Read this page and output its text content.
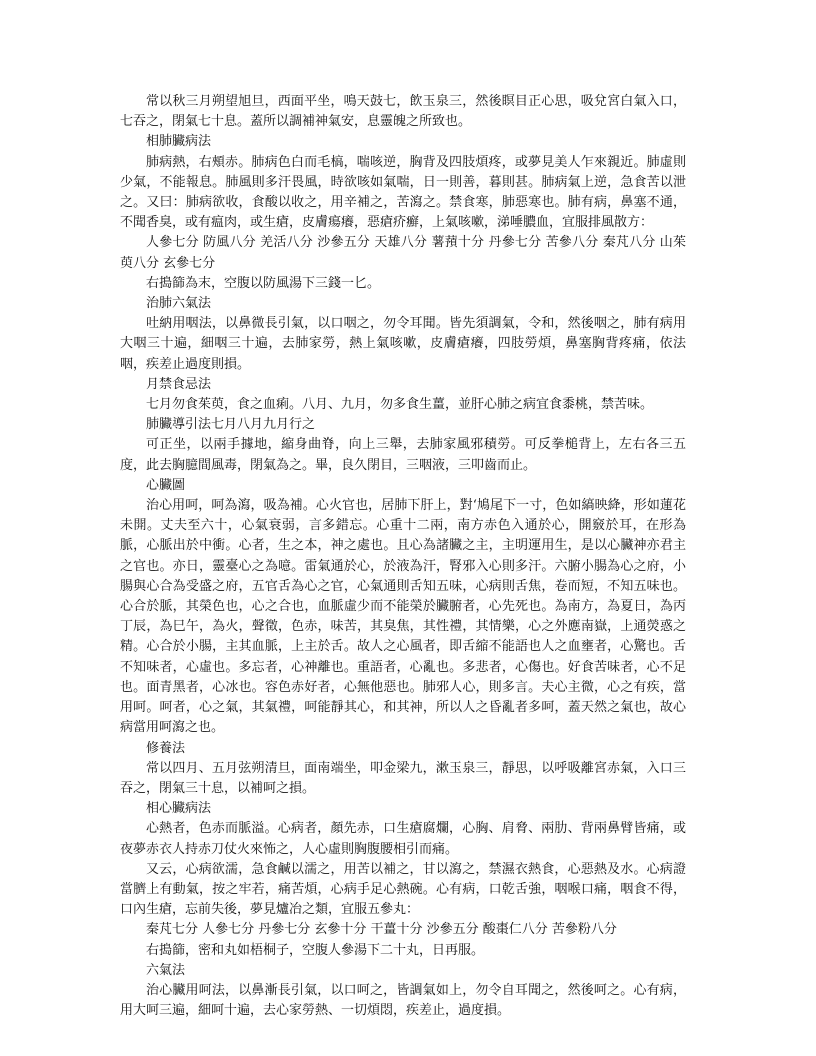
常以秋三月朔望旭旦，西面平坐，鳴天鼓七，飲玉泉三，然後瞑目正心思，吸兌宮白氣入口，七吞之，閉氣七十息。蓋所以調補神氣安，息靈魄之所致也。

相肺臟病法

肺病熱，右頰赤。肺病色白而毛槁，喘咳逆，胸背及四肢煩疼，或夢見美人乍來親近。肺虛則少氣，不能報息。肺風則多汗畏風，時欲咳如氣喘，日一則善，暮則甚。肺病氣上逆，急食苦以泄之。又曰：肺病欲收，食酸以收之，用辛補之，苦瀉之。禁食寒，肺惡寒也。肺有病，鼻塞不通，不聞香臭，或有瘟肉，或生瘡，皮膚瘍癢，惡瘡疥癬，上氣咳嗽，涕唾膿血，宜服排風散方：

人參七分 防風八分 羌活八分 沙參五分 天雄八分 薯蕷十分 丹參七分 苦參八分 秦芃八分 山茱萸八分 玄參七分

右搗篩為末，空腹以防風湯下三錢一匕。

治肺六氣法

吐納用咽法，以鼻微長引氣，以口咽之，勿令耳聞。皆先須調氣，令和，然後咽之，肺有病用大咽三十遍，細咽三十遍，去肺家勞，熱上氣咳嗽，皮膚瘡癢，四肢勞煩，鼻塞胸背疼痛，依法咽，疾差止過度則損。

月禁食忌法

七月勿食茱萸，食之血痢。八月、九月，勿多食生薑，並肝心肺之病宜食黍桃，禁苦味。

肺臟導引法七月八月九月行之

可正坐，以兩手據地，縮身曲脊，向上三舉，去肺家風邪積勞。可反拳槌背上，左右各三五度，此去胸臆間風毒，閉氣為之。畢，良久閉目，三咽液，三叩齒而止。

心臟圖

治心用呵，呵為瀉，吸為補。心火官也，居肺下肝上，對‘鳩尾下一寸，色如縞映絳，形如蓮花未開。丈夫至六十，心氣衰弱，言多錯忘。心重十二兩，南方赤色入通於心，開竅於耳，在形為脈，心脈出於中衝。心者，生之本，神之處也。且心為諸臟之主，主明運用生，是以心臟神亦君主之官也。亦日，靈臺心之為噫。雷氣通於心，於液為汗，腎邪入心則多汗。六腑小腸為心之府，小腸與心合為受盛之府，五官舌為心之官，心氣通則舌知五味，心病則舌焦，卷而短，不知五味也。心合於脈，其榮色也，心之合也，血脈虛少而不能榮於臟腑者，心先死也。為南方，為夏日，為丙丁辰，為巳午，為火，聲徵，色赤，味苦，其臭焦，其性禮，其情樂，心之外應南嶽，上通熒惑之精。心合於小腸，主其血脈，上主於舌。故人之心風者，即舌縮不能語也人之血壅者，心驚也。舌不知味者，心虛也。多忘者，心神離也。重語者，心亂也。多悲者，心傷也。好食苦味者，心不足也。面青黑者，心冰也。容色赤好者，心無他惡也。肺邪人心，則多言。夫心主微，心之有疾，當用呵。呵者，心之氣，其氣禮，呵能靜其心，和其神，所以人之昏亂者多呵，蓋天然之氣也，故心病當用呵瀉之也。

修養法

常以四月、五月弦朔清旦，面南端坐，叩金梁九，漱玉泉三，靜思，以呼吸離宮赤氣，入口三吞之，閉氣三十息，以補呵之損。

相心臟病法

心熱者，色赤而脈溢。心病者，顏先赤，口生瘡腐爛，心胸、肩脅、兩肋、背兩鼻臂皆痛，或夜夢赤衣人持赤刀仗火來怖之，人心虛則胸腹腰相引而痛。

又云，心病欲濡，急食鹹以濡之，用苦以補之，甘以瀉之，禁濕衣熱食，心惡熱及水。心病證當臍上有動氣，按之牢若，痛苦煩，心病手足心熱碗。心有病，口乾舌強，咽喉口痛，咽食不得，口內生瘡，忘前失後，夢見爐冶之類，宜服五參丸：

秦芃七分 人參七分 丹參七分 玄參十分 干薑十分 沙參五分 酸棗仁八分 苦參粉八分

右搗篩，密和丸如梧桐子，空腹人參湯下二十丸，日再服。

六氣法

治心臟用呵法，以鼻漸長引氣，以口呵之，皆調氣如上，勿令自耳聞之，然後呵之。心有病，用大呵三遍，細呵十遍，去心家勞熱、一切煩悶，疾差止，過度損。
